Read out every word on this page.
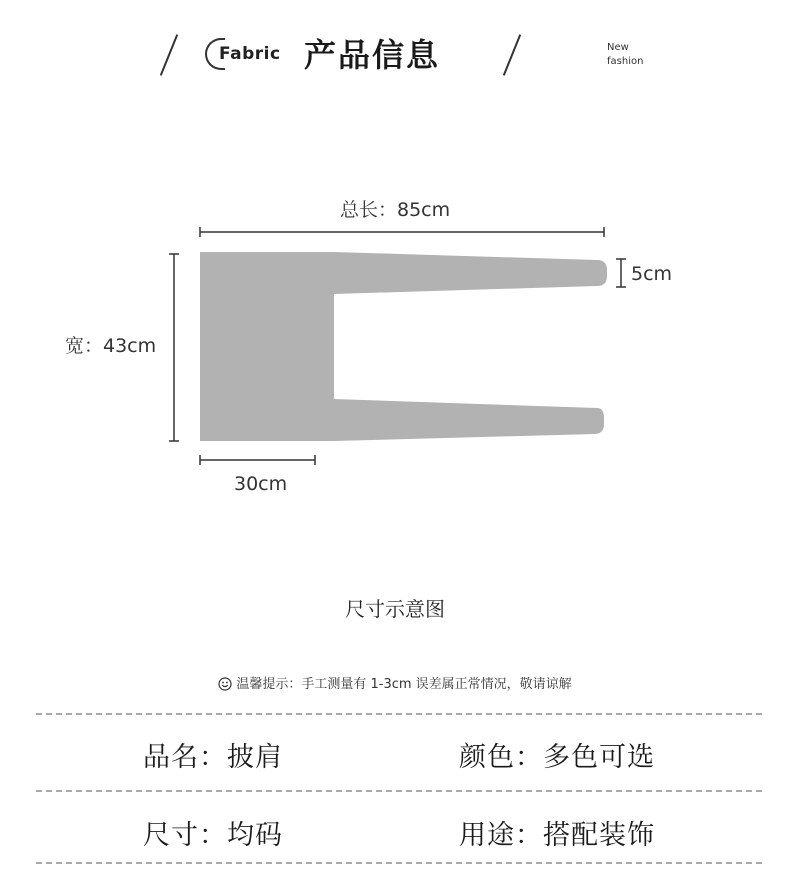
Fabric 产品信息	New
fashion
总长：85cm
宽：43cm
5cm
30cm
尺寸示意图
温馨提示：手工测量有 1-3cm 误差属正常情况，敬请谅解
品名：披肩	颜色：多色可选
尺寸：均码	用途：搭配装饰
